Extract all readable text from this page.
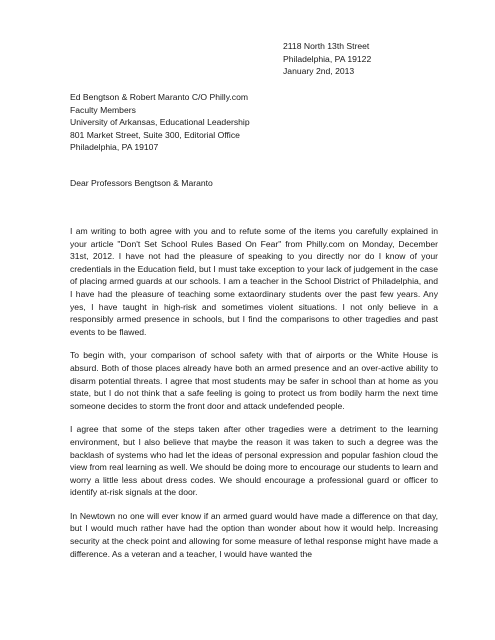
2118 North 13th Street
Philadelphia, PA 19122
January 2nd, 2013
Ed Bengtson & Robert Maranto C/O Philly.com
Faculty Members
University of Arkansas, Educational Leadership
801 Market Street, Suite 300, Editorial Office
Philadelphia, PA 19107
Dear Professors Bengtson & Maranto

I am writing to both agree with you and to refute some of the items you carefully explained in your article "Don't Set School Rules Based On Fear" from Philly.com on Monday, December 31st, 2012. I have not had the pleasure of speaking to you directly nor do I know of your credentials in the Education field, but I must take exception to your lack of judgement in the case of placing armed guards at our schools. I am a teacher in the School District of Philadelphia, and I have had the pleasure of teaching some extaordinary students over the past few years. Any yes, I have taught in high-risk and sometimes violent situations. I not only believe in a responsibly armed presence in schools, but I find the comparisons to other tragedies and past events to be flawed.

To begin with, your comparison of school safety with that of airports or the White House is absurd. Both of those places already have both an armed presence and an over-active ability to disarm potential threats. I agree that most students may be safer in school than at home as you state, but I do not think that a safe feeling is going to protect us from bodily harm the next time someone decides to storm the front door and attack undefended people.

I agree that some of the steps taken after other tragedies were a detriment to the learning environment, but I also believe that maybe the reason it was taken to such a degree was the backlash of systems who had let the ideas of personal expression and popular fashion cloud the view from real learning as well. We should be doing more to encourage our students to learn and worry a little less about dress codes. We should encourage a professional guard or officer to identify at-risk signals at the door.

In Newtown no one will ever know if an armed guard would have made a difference on that day, but I would much rather have had the option than wonder about how it would help. Increasing security at the check point and allowing for some measure of lethal response might have made a difference. As a veteran and a teacher, I would have wanted the
